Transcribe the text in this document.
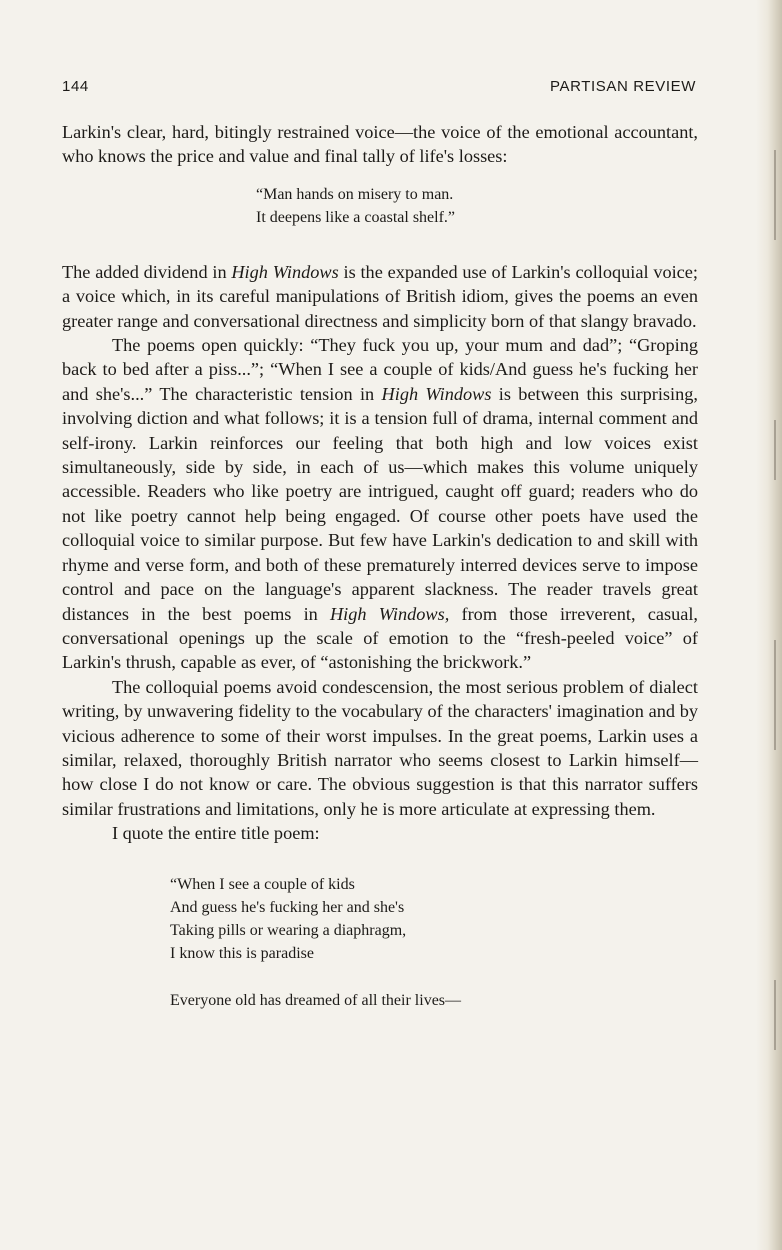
144	PARTISAN REVIEW

Larkin's clear, hard, bitingly restrained voice—the voice of the emotional accountant, who knows the price and value and final tally of life's losses:

“Man hands on misery to man.
It deepens like a coastal shelf.”

The added dividend in High Windows is the expanded use of Larkin's colloquial voice; a voice which, in its careful manipulations of British idiom, gives the poems an even greater range and conversational directness and simplicity born of that slangy bravado.

The poems open quickly: “They fuck you up, your mum and dad”; “Groping back to bed after a piss...”; “When I see a couple of kids/And guess he's fucking her and she's...” The characteristic tension in High Windows is between this surprising, involving diction and what follows; it is a tension full of drama, internal comment and self-irony. Larkin reinforces our feeling that both high and low voices exist simultaneously, side by side, in each of us—which makes this volume uniquely accessible. Readers who like poetry are intrigued, caught off guard; readers who do not like poetry cannot help being engaged. Of course other poets have used the colloquial voice to similar purpose. But few have Larkin's dedication to and skill with rhyme and verse form, and both of these prematurely interred devices serve to impose control and pace on the language's apparent slackness. The reader travels great distances in the best poems in High Windows, from those irreverent, casual, conversational openings up the scale of emotion to the “fresh-peeled voice” of Larkin's thrush, capable as ever, of “astonishing the brickwork.”

The colloquial poems avoid condescension, the most serious problem of dialect writing, by unwavering fidelity to the vocabulary of the characters' imagination and by vicious adherence to some of their worst impulses. In the great poems, Larkin uses a similar, relaxed, thoroughly British narrator who seems closest to Larkin himself—how close I do not know or care. The obvious suggestion is that this narrator suffers similar frustrations and limitations, only he is more articulate at expressing them.

I quote the entire title poem:

“When I see a couple of kids
And guess he's fucking her and she's
Taking pills or wearing a diaphragm,
I know this is paradise
Everyone old has dreamed of all their lives—
